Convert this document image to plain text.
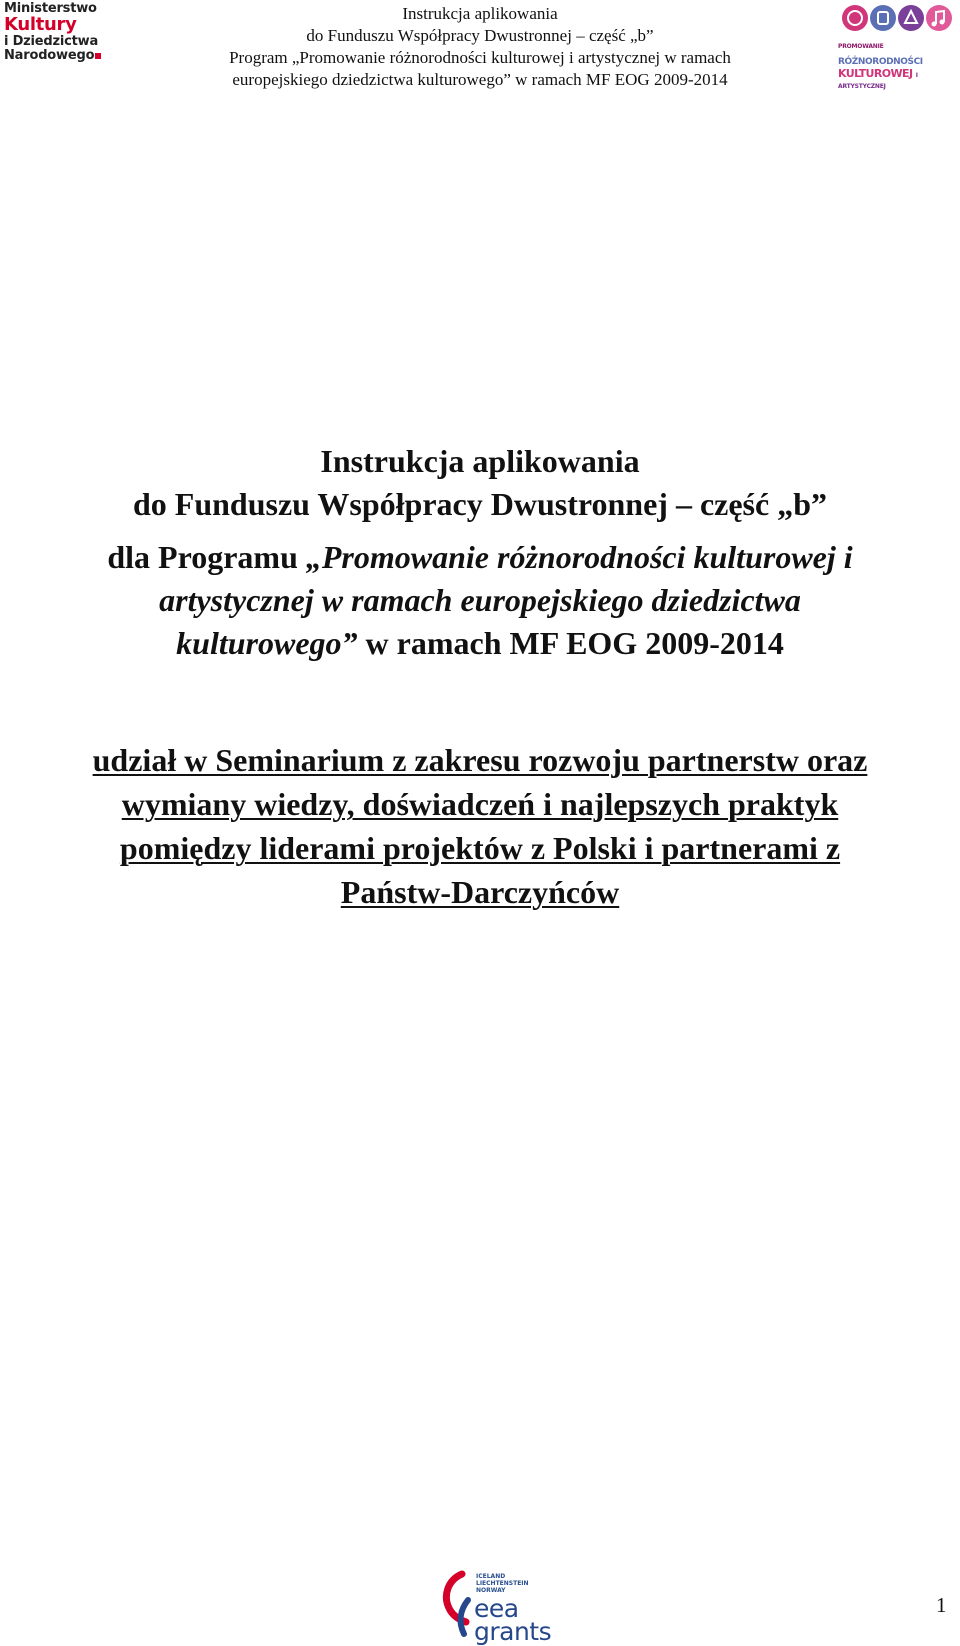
Ministerstwo
Kultury
i Dziedzictwa
Narodowego
Instrukcja aplikowania
do Funduszu Współpracy Dwustronnej – część „b”
Program „Promowanie różnorodności kulturowej i artystycznej w ramach
europejskiego dziedzictwa kulturowego” w ramach MF EOG 2009-2014
PROMOWANIE RÓŻNORODNOŚCI
KULTUROWEJ I ARTYSTYCZNEJ
Instrukcja aplikowania
do Funduszu Współpracy Dwustronnej – część „b”
dla Programu „Promowanie różnorodności kulturowej i
artystycznej w ramach europejskiego dziedzictwa
kulturowego” w ramach MF EOG 2009-2014
udział w Seminarium z zakresu rozwoju partnerstw oraz
wymiany wiedzy, doświadczeń i najlepszych praktyk
pomiędzy liderami projektów z Polski i partnerami z
Państw-Darczyńców
ICELAND
LIECHTENSTEIN
NORWAY
eea
grants
1
